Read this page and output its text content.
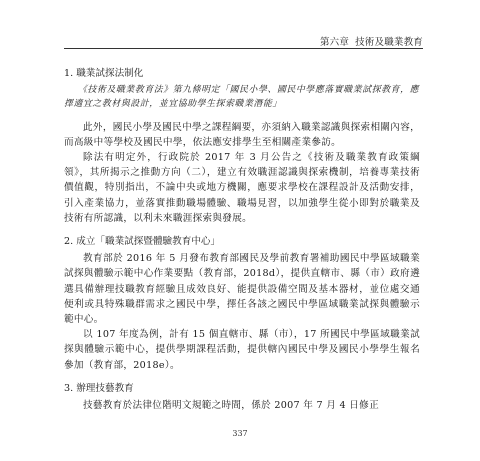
第六章 技術及職業教育
1. 職業試探法制化

《技術及職業教育法》第九條明定「國民小學、國民中學應落實職業試探教育，應擇適宜之教材與設計，並宜協助學生探索職業潛能」

此外，國民小學及國民中學之課程綱要，亦須納入職業認識與探索相關內容，而高級中等學校及國民中學，依法應安排學生至相關產業參訪。

除法有明定外，行政院於 2017 年 3 月公告之《技術及職業教育政策綱領》，其所揭示之推動方向（二），建立有效職涯認識與探索機制，培養專業技術價值觀，特別指出，不論中央或地方機關，應要求學校在課程設計及活動安排，引入產業協力，並落實推動職場體驗、職場見習，以加強學生從小即對於職業及技術有所認識，以利未來職涯探索與發展。

2. 成立「職業試探暨體驗教育中心」

教育部於 2016 年 5 月發布教育部國民及學前教育署補助國民中學區域職業試探與體驗示範中心作業要點（教育部，2018d），提供直轄市、縣（市）政府遴選具備辦理技職教育經驗且成效良好、能提供設備空間及基本器材，並位處交通便利或具特殊職群需求之國民中學，擇任各該之國民中學區域職業試探與體驗示範中心。

以 107 年度為例，計有 15 個直轄市、縣（市），17 所國民中學區域職業試探與體驗示範中心，提供學期課程活動，提供轄內國民中學及國民小學學生報名參加（教育部，2018e）。

3. 辦理技藝教育

技藝教育於法律位階明文規範之時間，係於 2007 年 7 月 4 日修正

337
